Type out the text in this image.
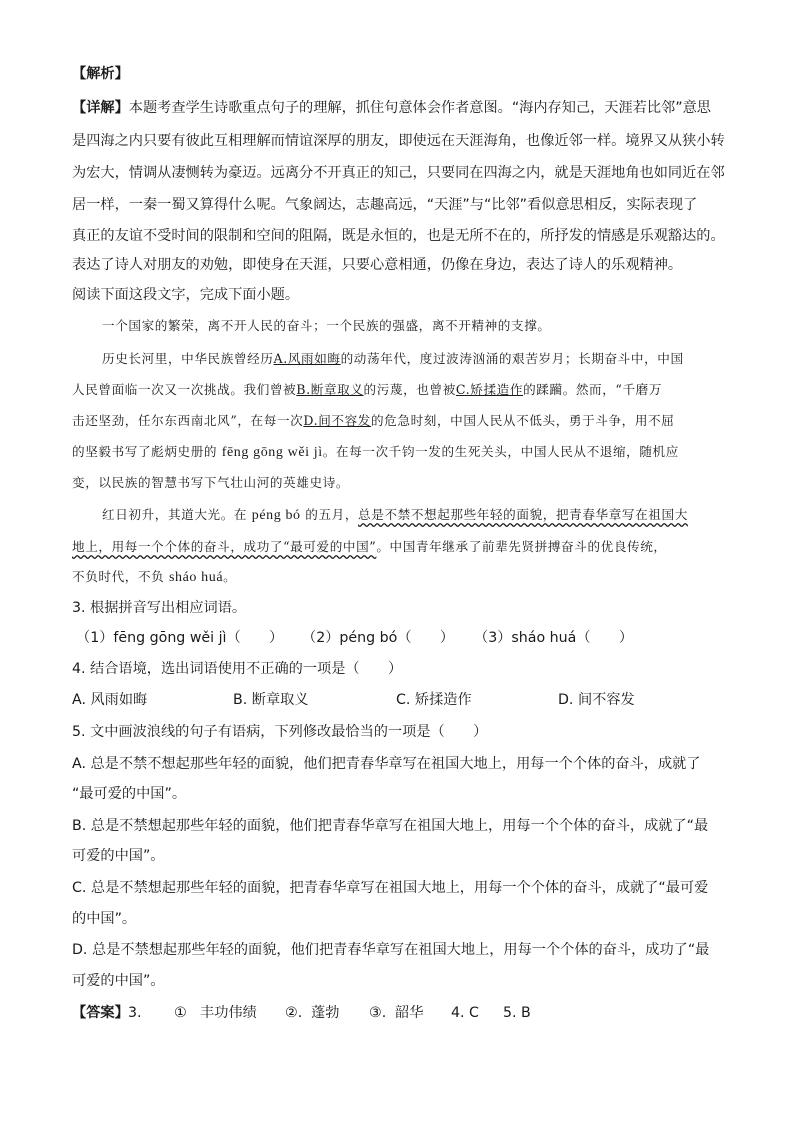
【解析】
【详解】本题考查学生诗歌重点句子的理解，抓住句意体会作者意图。“海内存知己，天涯若比邻”意思
是四海之内只要有彼此互相理解而情谊深厚的朋友，即使远在天涯海角，也像近邻一样。境界又从狭小转
为宏大，情调从凄恻转为豪迈。远离分不开真正的知己，只要同在四海之内，就是天涯地角也如同近在邻
居一样，一秦一蜀又算得什么呢。气象阔达，志趣高远，“天涯”与“比邻”看似意思相反，实际表现了
真正的友谊不受时间的限制和空间的阻隔，既是永恒的，也是无所不在的，所抒发的情感是乐观豁达的。
表达了诗人对朋友的劝勉，即使身在天涯，只要心意相通，仍像在身边，表达了诗人的乐观精神。
阅读下面这段文字，完成下面小题。
一个国家的繁荣，离不开人民的奋斗；一个民族的强盛，离不开精神的支撑。
历史长河里，中华民族曾经历A.风雨如晦的动荡年代，度过波涛汹涌的艰苦岁月；长期奋斗中，中国
人民曾面临一次又一次挑战。我们曾被B.断章取义的污蔑，也曾被C.矫揉造作的蹂躏。然而，“千磨万
击还坚劲，任尔东西南北风”，在每一次D.间不容发的危急时刻，中国人民从不低头，勇于斗争，用不屈
的坚毅书写了彪炳史册的 fēng gōng wěi jì。在每一次千钧一发的生死关头，中国人民从不退缩，随机应
变，以民族的智慧书写下气壮山河的英雄史诗。
红日初升，其道大光。在 péng bó 的五月，总是不禁不想起那些年轻的面貌，把青春华章写在祖国大
地上，用每一个个体的奋斗，成功了“最可爱的中国”。中国青年继承了前辈先贤拼搏奋斗的优良传统，
不负时代，不负 sháo huá。
3. 根据拼音写出相应词语。
（1）fēng gōng wěi jì（　　） （2）péng bó（　　） （3）sháo huá（　　）
4. 结合语境，选出词语使用不正确的一项是（　　）
A. 风雨如晦	B. 断章取义	C. 矫揉造作	D. 间不容发
5. 文中画波浪线的句子有语病，下列修改最恰当的一项是（　　）
A. 总是不禁不想起那些年轻的面貌，他们把青春华章写在祖国大地上，用每一个个体的奋斗，成就了
“最可爱的中国”。
B. 总是不禁想起那些年轻的面貌，他们把青春华章写在祖国大地上，用每一个个体的奋斗，成就了“最
可爱的中国”。
C. 总是不禁想起那些年轻的面貌，把青春华章写在祖国大地上，用每一个个体的奋斗，成就了“最可爱
的中国”。
D. 总是不禁想起那些年轻的面貌，他们把青春华章写在祖国大地上，用每一个个体的奋斗，成功了“最
可爱的中国”。
【答案】 3. ① 丰功伟绩 ②. 蓬勃 ③. 韶华 4. C 5. B
